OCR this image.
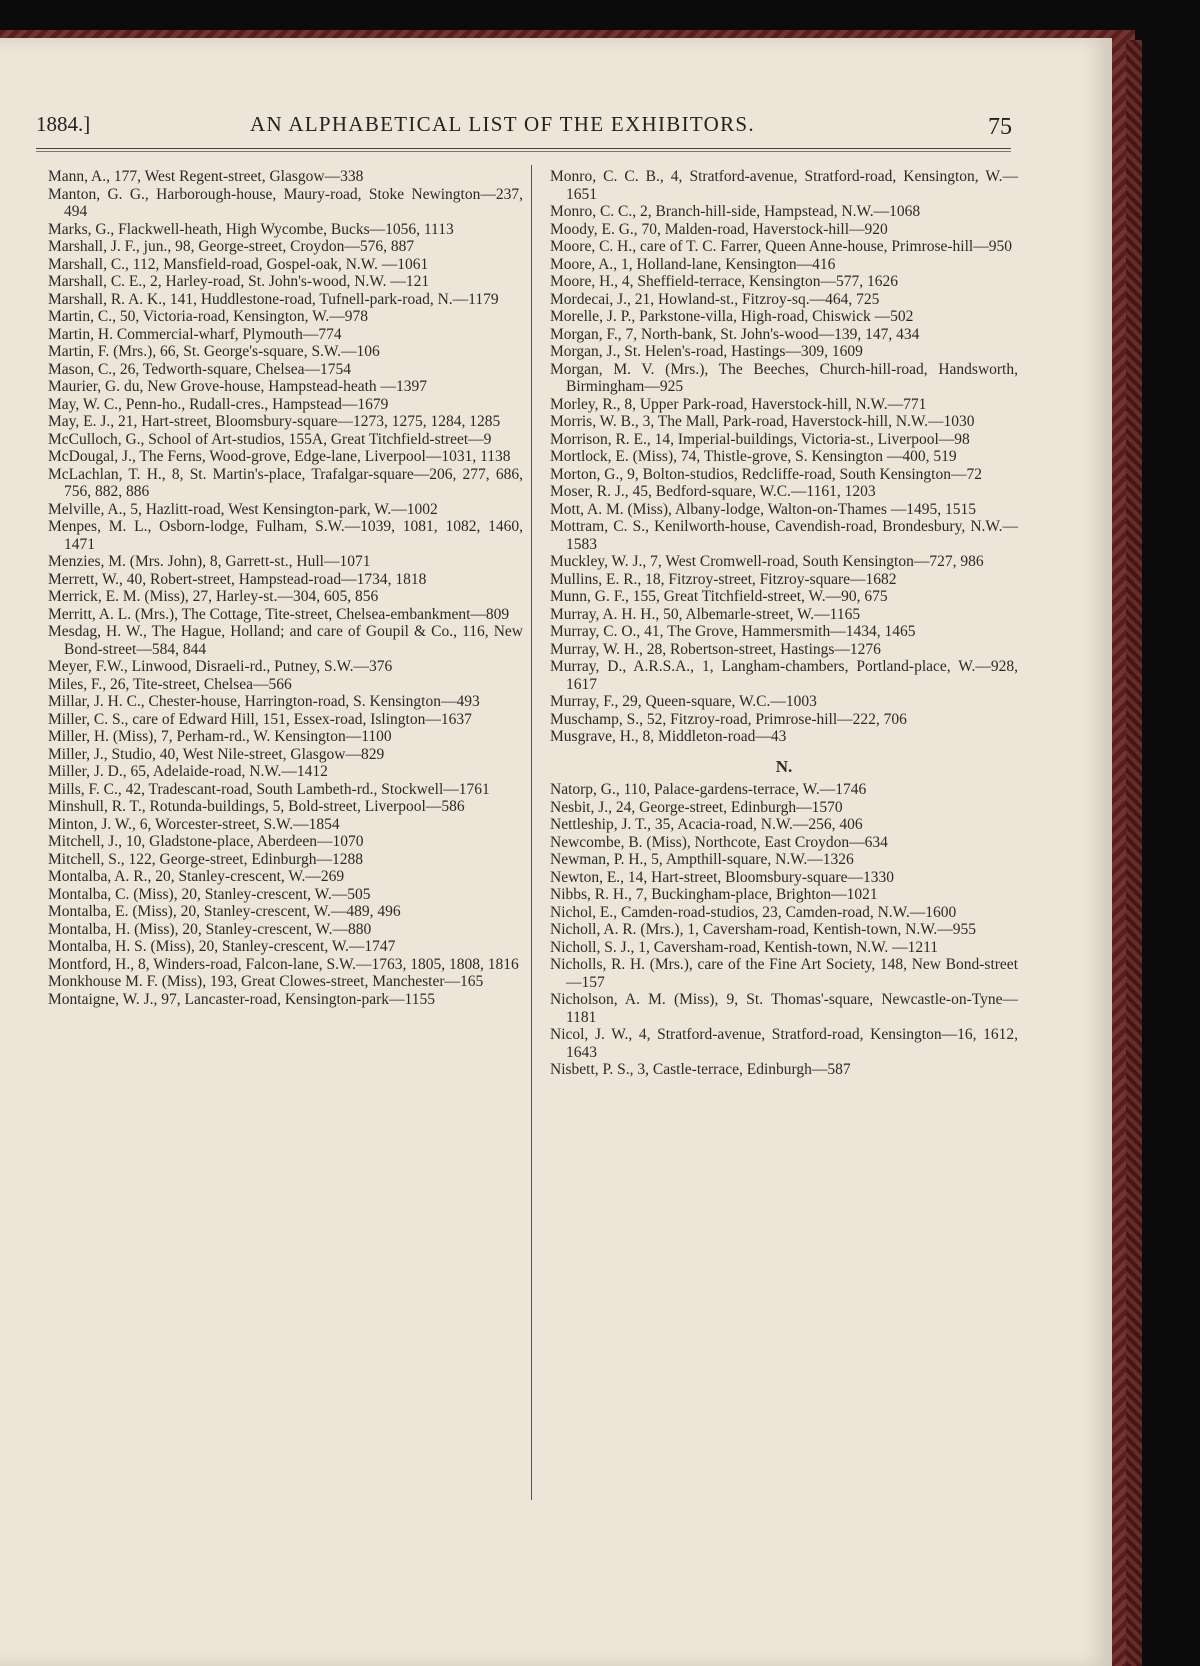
1884.]	AN ALPHABETICAL LIST OF THE EXHIBITORS.	75

Mann, A., 177, West Regent-street, Glasgow—338

Manton, G. G., Harborough-house, Maury-road, Stoke Newington—237, 494

Marks, G., Flackwell-heath, High Wycombe, Bucks—1056, 1113

Marshall, J. F., jun., 98, George-street, Croydon—576, 887

Marshall, C., 112, Mansfield-road, Gospel-oak, N.W. —1061

Marshall, C. E., 2, Harley-road, St. John's-wood, N.W. —121

Marshall, R. A. K., 141, Huddlestone-road, Tufnell-park-road, N.—1179

Martin, C., 50, Victoria-road, Kensington, W.—978

Martin, H. Commercial-wharf, Plymouth—774

Martin, F. (Mrs.), 66, St. George's-square, S.W.—106

Mason, C., 26, Tedworth-square, Chelsea—1754

Maurier, G. du, New Grove-house, Hampstead-heath —1397

May, W. C., Penn-ho., Rudall-cres., Hampstead—1679

May, E. J., 21, Hart-street, Bloomsbury-square—1273, 1275, 1284, 1285

McCulloch, G., School of Art-studios, 155A, Great Titchfield-street—9

McDougal, J., The Ferns, Wood-grove, Edge-lane, Liverpool—1031, 1138

McLachlan, T. H., 8, St. Martin's-place, Trafalgar-square—206, 277, 686, 756, 882, 886

Melville, A., 5, Hazlitt-road, West Kensington-park, W.—1002

Menpes, M. L., Osborn-lodge, Fulham, S.W.—1039, 1081, 1082, 1460, 1471

Menzies, M. (Mrs. John), 8, Garrett-st., Hull—1071

Merrett, W., 40, Robert-street, Hampstead-road—1734, 1818

Merrick, E. M. (Miss), 27, Harley-st.—304, 605, 856

Merritt, A. L. (Mrs.), The Cottage, Tite-street, Chelsea-embankment—809

Mesdag, H. W., The Hague, Holland; and care of Goupil & Co., 116, New Bond-street—584, 844

Meyer, F.W., Linwood, Disraeli-rd., Putney, S.W.—376

Miles, F., 26, Tite-street, Chelsea—566

Millar, J. H. C., Chester-house, Harrington-road, S. Kensington—493

Miller, C. S., care of Edward Hill, 151, Essex-road, Islington—1637

Miller, H. (Miss), 7, Perham-rd., W. Kensington—1100

Miller, J., Studio, 40, West Nile-street, Glasgow—829

Miller, J. D., 65, Adelaide-road, N.W.—1412

Mills, F. C., 42, Tradescant-road, South Lambeth-rd., Stockwell—1761

Minshull, R. T., Rotunda-buildings, 5, Bold-street, Liverpool—586

Minton, J. W., 6, Worcester-street, S.W.—1854

Mitchell, J., 10, Gladstone-place, Aberdeen—1070

Mitchell, S., 122, George-street, Edinburgh—1288

Montalba, A. R., 20, Stanley-crescent, W.—269

Montalba, C. (Miss), 20, Stanley-crescent, W.—505

Montalba, E. (Miss), 20, Stanley-crescent, W.—489, 496

Montalba, H. (Miss), 20, Stanley-crescent, W.—880

Montalba, H. S. (Miss), 20, Stanley-crescent, W.—1747

Montford, H., 8, Winders-road, Falcon-lane, S.W.—1763, 1805, 1808, 1816

Monkhouse M. F. (Miss), 193, Great Clowes-street, Manchester—165

Montaigne, W. J., 97, Lancaster-road, Kensington-park—1155

Monro, C. C. B., 4, Stratford-avenue, Stratford-road, Kensington, W.—1651

Monro, C. C., 2, Branch-hill-side, Hampstead, N.W.—1068

Moody, E. G., 70, Malden-road, Haverstock-hill—920

Moore, C. H., care of T. C. Farrer, Queen Anne-house, Primrose-hill—950

Moore, A., 1, Holland-lane, Kensington—416

Moore, H., 4, Sheffield-terrace, Kensington—577, 1626

Mordecai, J., 21, Howland-st., Fitzroy-sq.—464, 725

Morelle, J. P., Parkstone-villa, High-road, Chiswick —502

Morgan, F., 7, North-bank, St. John's-wood—139, 147, 434

Morgan, J., St. Helen's-road, Hastings—309, 1609

Morgan, M. V. (Mrs.), The Beeches, Church-hill-road, Handsworth, Birmingham—925

Morley, R., 8, Upper Park-road, Haverstock-hill, N.W.—771

Morris, W. B., 3, The Mall, Park-road, Haverstock-hill, N.W.—1030

Morrison, R. E., 14, Imperial-buildings, Victoria-st., Liverpool—98

Mortlock, E. (Miss), 74, Thistle-grove, S. Kensington —400, 519

Morton, G., 9, Bolton-studios, Redcliffe-road, South Kensington—72

Moser, R. J., 45, Bedford-square, W.C.—1161, 1203

Mott, A. M. (Miss), Albany-lodge, Walton-on-Thames —1495, 1515

Mottram, C. S., Kenilworth-house, Cavendish-road, Brondesbury, N.W.—1583

Muckley, W. J., 7, West Cromwell-road, South Kensington—727, 986

Mullins, E. R., 18, Fitzroy-street, Fitzroy-square—1682

Munn, G. F., 155, Great Titchfield-street, W.—90, 675

Murray, A. H. H., 50, Albemarle-street, W.—1165

Murray, C. O., 41, The Grove, Hammersmith—1434, 1465

Murray, W. H., 28, Robertson-street, Hastings—1276

Murray, D., A.R.S.A., 1, Langham-chambers, Portland-place, W.—928, 1617

Murray, F., 29, Queen-square, W.C.—1003

Muschamp, S., 52, Fitzroy-road, Primrose-hill—222, 706

Musgrave, H., 8, Middleton-road—43

N.

Natorp, G., 110, Palace-gardens-terrace, W.—1746

Nesbit, J., 24, George-street, Edinburgh—1570

Nettleship, J. T., 35, Acacia-road, N.W.—256, 406

Newcombe, B. (Miss), Northcote, East Croydon—634

Newman, P. H., 5, Ampthill-square, N.W.—1326

Newton, E., 14, Hart-street, Bloomsbury-square—1330

Nibbs, R. H., 7, Buckingham-place, Brighton—1021

Nichol, E., Camden-road-studios, 23, Camden-road, N.W.—1600

Nicholl, A. R. (Mrs.), 1, Caversham-road, Kentish-town, N.W.—955

Nicholl, S. J., 1, Caversham-road, Kentish-town, N.W. —1211

Nicholls, R. H. (Mrs.), care of the Fine Art Society, 148, New Bond-street—157

Nicholson, A. M. (Miss), 9, St. Thomas'-square, Newcastle-on-Tyne—1181

Nicol, J. W., 4, Stratford-avenue, Stratford-road, Kensington—16, 1612, 1643

Nisbett, P. S., 3, Castle-terrace, Edinburgh—587
